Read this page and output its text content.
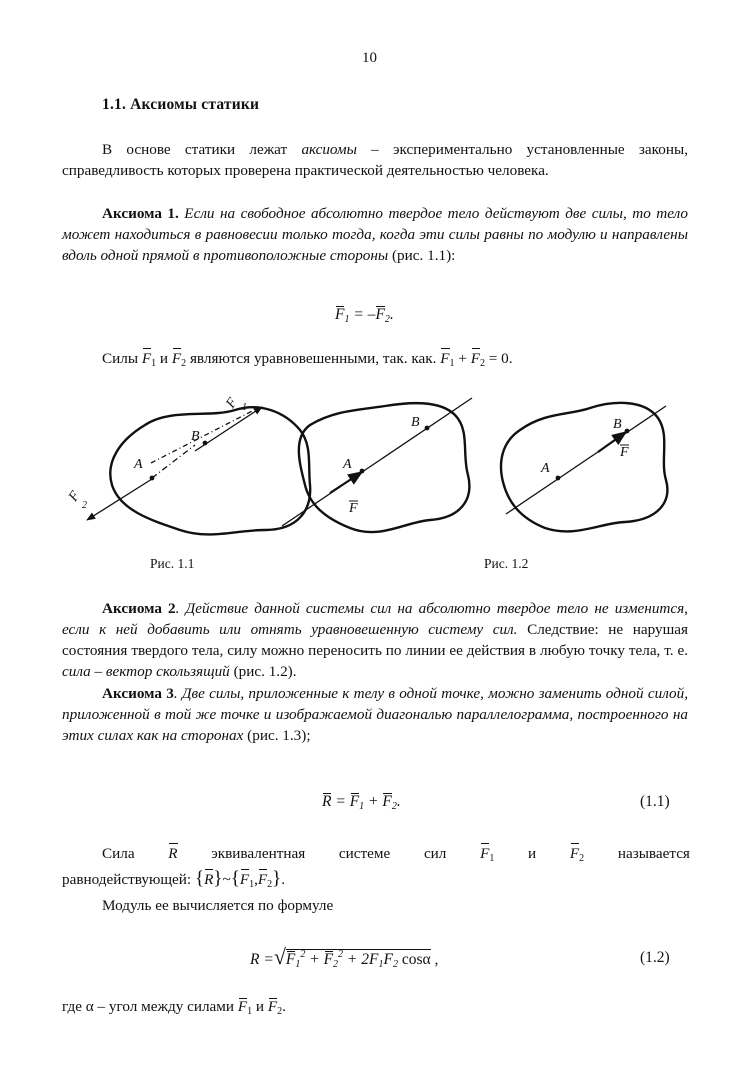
10
1.1. Аксиомы статики
В основе статики лежат аксиомы – экспериментально установленные законы, справедливость которых проверена практической деятельностью человека.
Аксиома 1. Если на свободное абсолютно твердое тело действуют две силы, то тело может находиться в равновесии только тогда, когда эти силы равны по модулю и направлены вдоль одной прямой в противоположные стороны (рис. 1.1):
$F_1 = -F_2$.
Силы $F_1$ и $F_2$ являются уравновешенными, так. как. $F_1 + F_2 = 0$.
A
B
F 1
F
2
A
B
F
A
B
F
Рис. 1.1	Рис. 1.2
Аксиома 2. Действие данной системы сил на абсолютно твердое тело не изменится, если к ней добавить или отнять уравновешенную систему сил. Следствие: не нарушая состояния твердого тела, силу можно переносить по линии ее действия в любую точку тела, т. е. сила – вектор скользящий (рис. 1.2).
Аксиома 3. Две силы, приложенные к телу в одной точке, можно заменить одной силой, приложенной в той же точке и изображаемой диагональю параллелограмма, построенного на этих силах как на сторонах (рис. 1.3);
$R = F_1 + F_2$.	(1.1)
Сила R эквивалентная системе сил $F_1$ и $F_2$ называется
равнодействующей: $\{R\}\sim\{F_1,F_2\}$.
Модуль ее вычисляется по формуле
$R =√F_1^2 + F_2^2 + 2F_1F_2$ cosα ,	(1.2)
где α – угол между силами $F_1$ и $F_2$.
